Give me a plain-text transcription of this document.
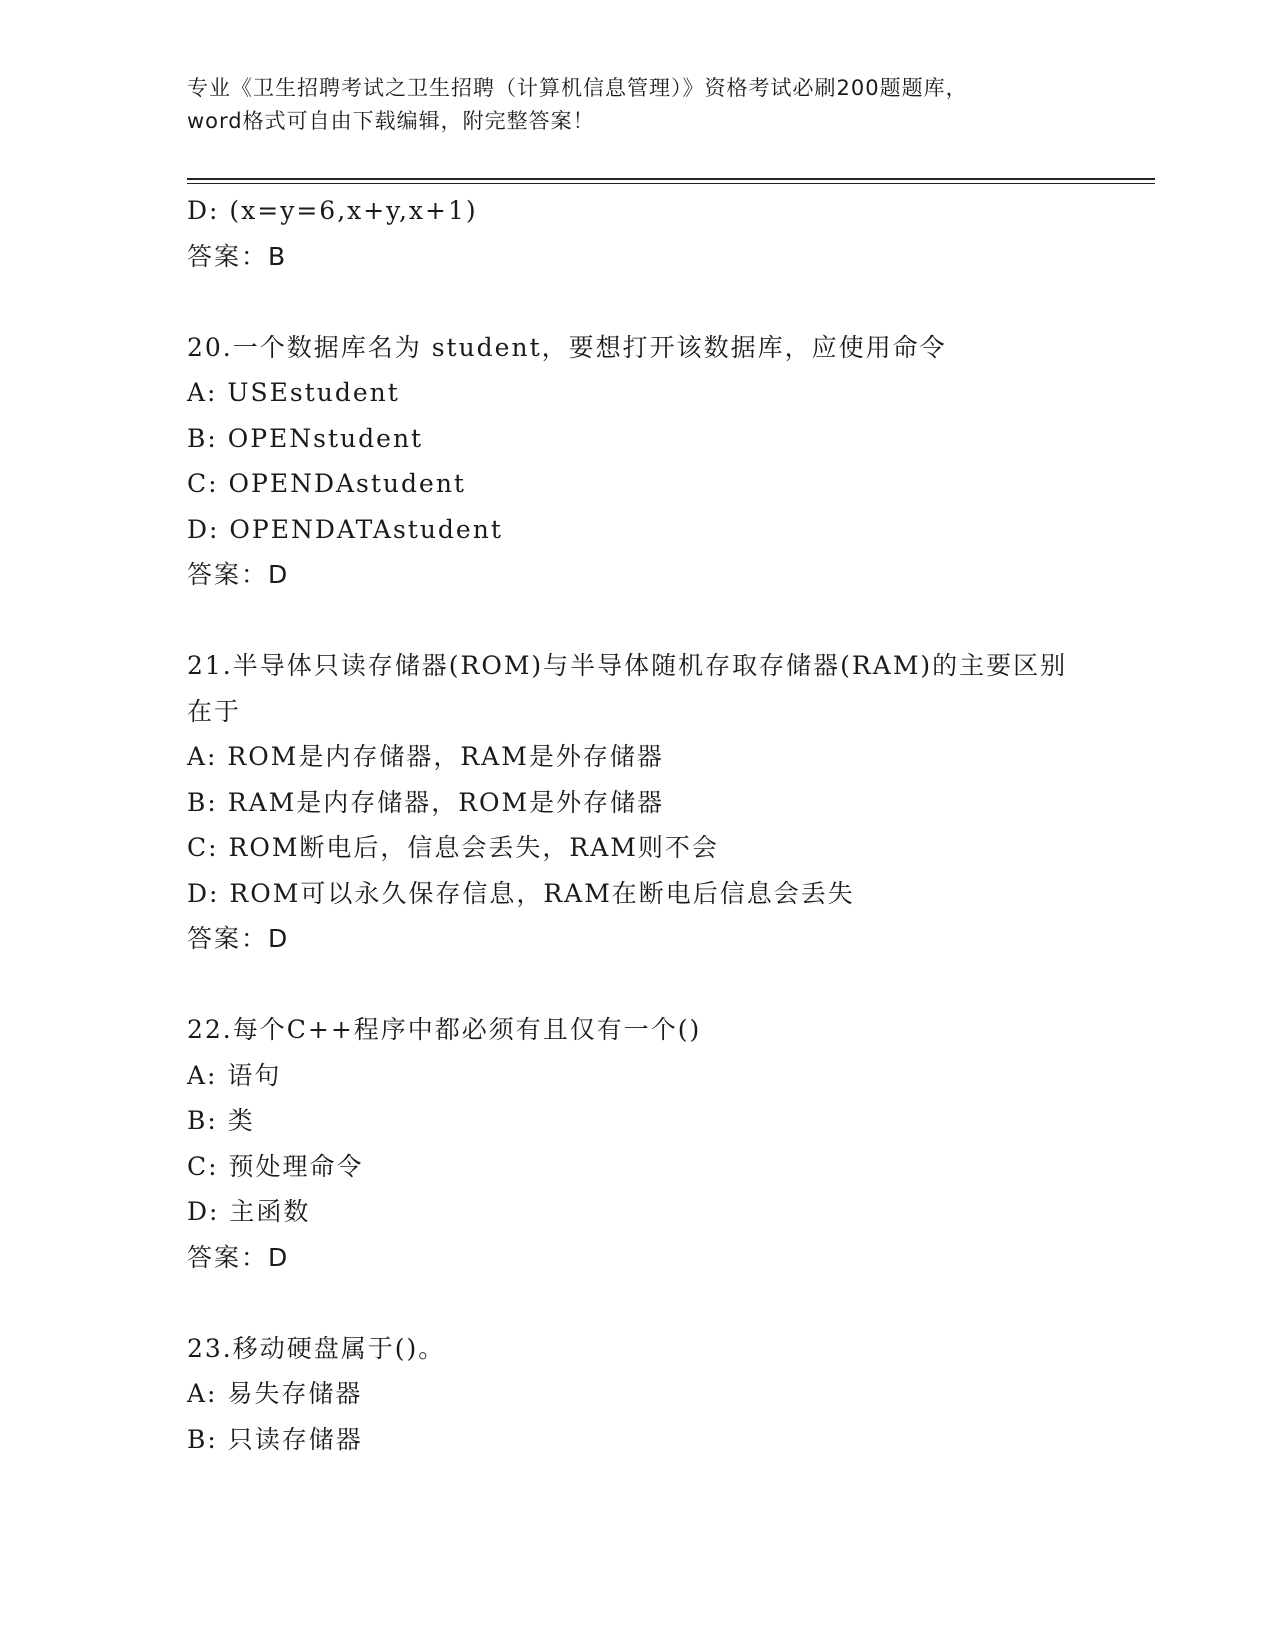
专业《卫生招聘考试之卫生招聘（计算机信息管理）》资格考试必刷200题题库，
word格式可自由下载编辑，附完整答案！
D: (x=y=6,x+y,x+1)
答案：B
20.一个数据库名为 student，要想打开该数据库，应使用命令
A: USEstudent
B: OPENstudent
C: OPENDAstudent
D: OPENDATAstudent
答案：D
21.半导体只读存储器(ROM)与半导体随机存取存储器(RAM)的主要区别
在于
A: ROM是内存储器，RAM是外存储器
B: RAM是内存储器，ROM是外存储器
C: ROM断电后，信息会丢失，RAM则不会
D: ROM可以永久保存信息，RAM在断电后信息会丢失
答案：D
22.每个C++程序中都必须有且仅有一个()
A: 语句
B: 类
C: 预处理命令
D: 主函数
答案：D
23.移动硬盘属于()。
A: 易失存储器
B: 只读存储器
